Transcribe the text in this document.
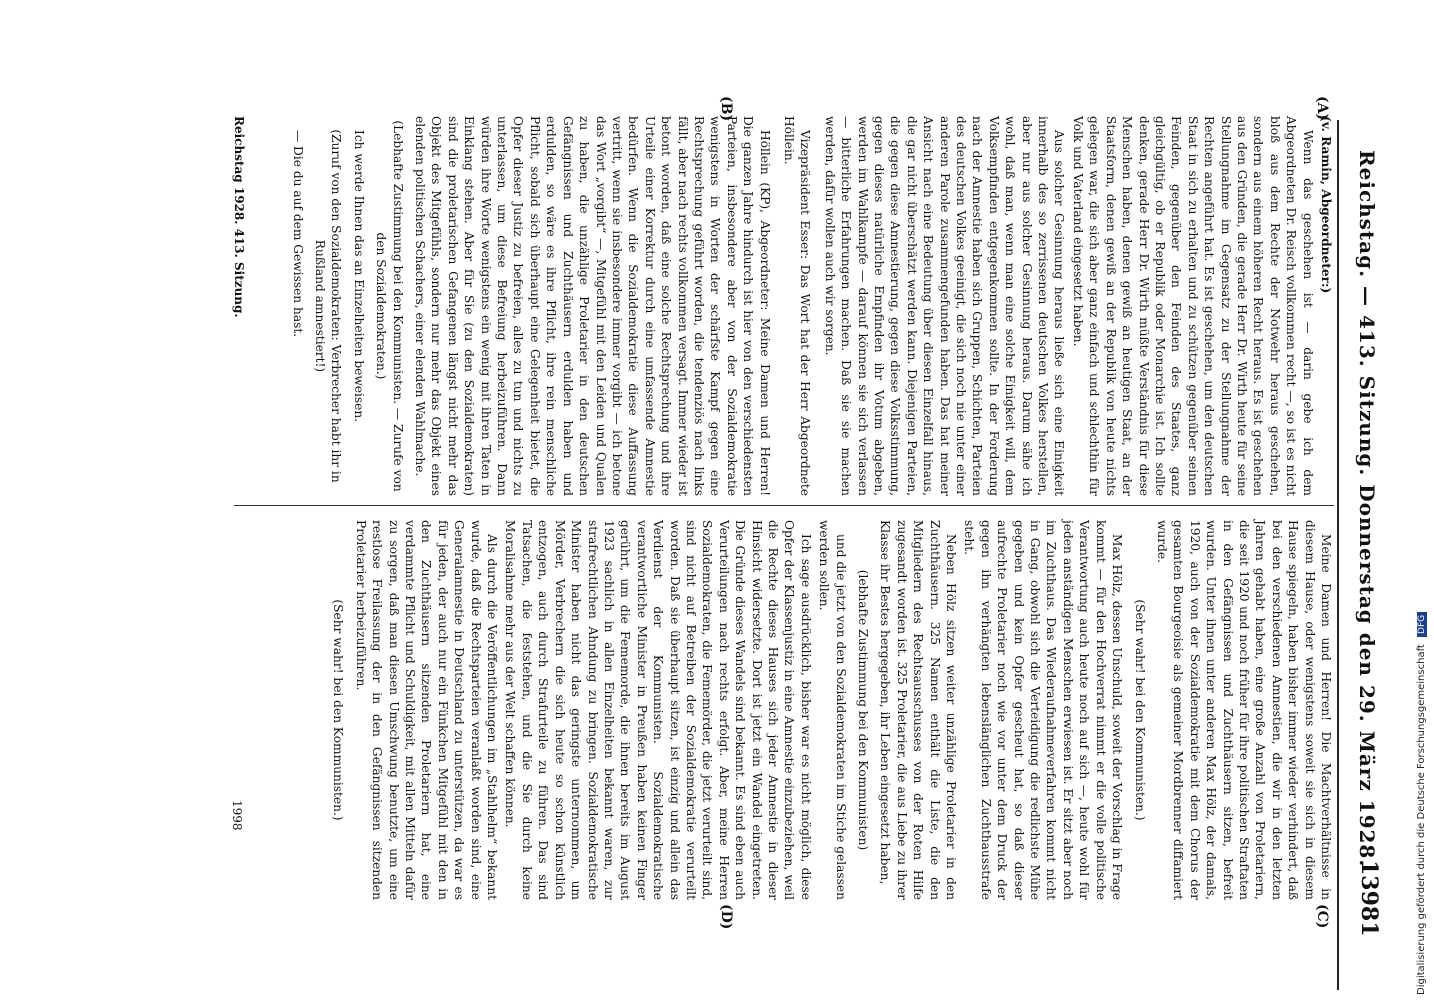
Reichstag. — 413. Sitzung. Donnerstag den 29. März 1928.
13981
(A)
(B)
(C)
(D)

(v. Ramin, Abgeordneter:)

Wenn das geschehen ist — darin gebe ich dem Abgeordneten Dr. Reisch vollkommen recht —, so ist es nicht bloß aus dem Rechte der Notwehr heraus geschehen, sondern aus einem höheren Recht heraus. Es ist geschehen aus den Gründen, die gerade Herr Dr. Wirth heute für seine Stellungnahme im Gegensatz zu der Stellungnahme der Rechten angeführt hat. Es ist geschehen, um den deutschen Staat in sich zu erhalten und zu schützen gegenüber seinen Feinden, gegenüber den Feinden des Staates, ganz gleichgültig, ob er Republik oder Monarchie ist. Ich sollte denken, gerade Herr Dr. Wirth müßte Verständnis für diese Menschen haben, denen gewiß an heutigen Staat, an der Staatsform, denen gewiß an der Republik von heute nichts gelegen war, die sich aber ganz einfach und schlechthin für Volk und Vaterland eingesetzt haben.

Aus solcher Gesinnung heraus ließe sich eine Einigkeit innerhalb des so zerrissenen deutschen Volkes herstellen, aber nur aus solcher Gesinnung heraus. Darum sähe ich wohl, daß man, wenn man eine solche Einigkeit will, dem Volksempfinden entgegenkommen sollte. In der Forderung nach der Amnestie haben sich Gruppen, Schichten, Parteien des deutschen Volkes geeinigt, die sich noch nie unter einer anderen Parole zusammengefunden haben. Das hat meiner Ansicht nach eine Bedeutung über diesen Einzelfall hinaus, die gar nicht überschätzt werden kann. Diejenigen Parteien, die gegen diese Amnestierung, gegen diese Volksstimmung, gegen dieses natürliche Empfinden ihr Votum abgeben, werden im Wahlkampfe — darauf können sie sich verlassen — bitterliche Erfahrungen machen. Daß sie sie machen werden, dafür wollen auch wir sorgen.

Vizepräsident Esser: Das Wort hat der Herr Abgeordnete Höllein.

Höllein (KP), Abgeordneter: Meine Damen und Herren! Die ganzen Jahre hindurch ist hier von den verschiedensten Parteien, insbesondere aber von der Sozialdemokratie wenigstens in Worten der schärfste Kampf gegen eine Rechtsprechung geführt worden, die tendenziös nach links fällt, aber nach rechts vollkommen versagt. Immer wieder ist betont worden, daß eine solche Rechtsprechung und ihre Urteile einer Korrektur durch eine umfassende Amnestie bedürfen. Wenn die Sozialdemokratie diese Auffassung vertritt, wenn sie insbesondere immer vorgibt — ich betone das Wort „vorgibt“ —, Mitgefühl mit den Leiden und Qualen zu haben, die unzählige Proletarier in den deutschen Gefängnissen und Zuchthäusern erdulden haben und erdulden, so wäre es ihre Pflicht, ihre rein menschliche Pflicht, sobald sich überhaupt eine Gelegenheit bietet, die Opfer dieser Justiz zu befreien, alles zu tun und nichts zu unterlassen, um diese Befreiung herbeizuführen. Dann würden ihre Worte wenigstens ein wenig mit ihren Taten in Einklang stehen. Aber für Sie (zu den Sozialdemokraten) sind die proletarischen Gefangenen längst nicht mehr das Objekt des Mitgefühls, sondern nur mehr das Objekt eines elenden politischen Schachers, einer elenden Wahlmache.

(Lebhafte Zustimmung bei den Kommunisten. — Zurufe von den Sozialdemokraten.)

Ich werde Ihnen das an Einzelheiten beweisen.

(Zuruf von den Sozialdemokraten: Verbrecher habt ihr in Rußland amnestiert!)

— Die du auf dem Gewissen hast.

Meine Damen und Herren! Die Machtverhältnisse in diesem Hause, oder wenigstens soweit sie sich in diesem Hause spiegeln, haben bisher immer wieder verhindert, daß bei den verschiedenen Amnestien, die wir in den letzten Jahren gehabt haben, eine große Anzahl von Proletariern, die seit 1920 und noch früher für ihre politischen Straftaten in den Gefängnissen und Zuchthäusern sitzen, befreit wurden. Unter ihnen unter anderen Max Hölz, der damals, 1920, auch von der Sozialdemokratie mit dem Chorus der gesamten Bourgeoisie als gemeiner Mordbrenner diffamiert wurde.

(Sehr wahr! bei den Kommunisten.)

Max Hölz, dessen Unschuld, soweit der Vorschlag in Frage kommt — für den Hochverrat nimmt er die volle politische Verantwortung auch heute noch auf sich —, heute wohl für jeden anständigen Menschen erwiesen ist. Er sitzt aber noch im Zuchthaus. Das Wiederaufnahmeverfahren kommt nicht in Gang, obwohl sich die Verteidigung die redlichste Mühe gegeben und kein Opfer gescheut hat, so daß dieser aufrechte Proletarier noch wie vor unter dem Druck der gegen ihn verhängten lebenslänglichen Zuchthausstrafe steht.

Neben Hölz sitzen weiter unzählige Proletarier in den Zuchthäusern. 325 Namen enthält die Liste, die den Mitgliedern des Rechtsausschusses von der Roten Hilfe zugesandt worden ist. 325 Proletarier, die aus Liebe zu ihrer Klasse ihr Bestes hergegeben, ihr Leben eingesetzt haben,

(lebhafte Zustimmung bei den Kommunisten)

und die jetzt von den Sozialdemokraten im Stiche gelassen werden sollen.

Ich sage ausdrücklich, bisher war es nicht möglich, diese Opfer der Klassenjustiz in eine Amnestie einzubeziehen, weil die Rechte dieses Hauses sich jeder Amnestie in dieser Hinsicht widersetzte. Dort ist jetzt ein Wandel eingetreten. Die Gründe dieses Wandels sind bekannt. Es sind eben auch Verurteilungen nach rechts erfolgt. Aber, meine Herren Sozialdemokraten, die Fememörder, die jetzt verurteilt sind, sind nicht auf Betreiben der Sozialdemokratie verurteilt worden. Daß sie überhaupt sitzen, ist einzig und allein das Verdienst der Kommunisten. Sozialdemokratische verantwortliche Minister in Preußen haben keinen Finger gerührt, um die Fememorde, die ihnen bereits im August 1923 sachlich in allen Einzelheiten bekannt waren, zur strafrechtlichen Ahndung zu bringen. Sozialdemokratische Minister haben nicht das geringste unternommen, um Mörder, Verbrechern die sich heute so schon künstlich entzogen, auch durch Strafurteile zu führen. Das sind Tatsachen, die feststehen, und die Sie durch keine Moralisahme mehr aus der Welt schaffen können.

Als durch die Veröffentlichungen im „Stahlhelm“ bekannt wurde, daß die Rechtsparteien veranlaßt worden sind, eine Generalamnestie in Deutschland zu unterstützen, da war es für jeden, der auch nur ein Fünkchen Mitgefühl mit den in den Zuchthäusern sitzenden Proletariern hat, eine verdammte Pflicht und Schuldigkeit, mit allen Mitteln dafür zu sorgen, daß man diesen Umschwung benutzte, um eine restlose Freilassung der in den Gefängnissen sitzenden Proletarier herbeizuführen.

(Sehr wahr! bei den Kommunisten.)

Reichstag 1928. 413. Sitzung.
1998	Digitalisierung gefördert durch die Deutsche Forschungsgemeinschaft DFG
